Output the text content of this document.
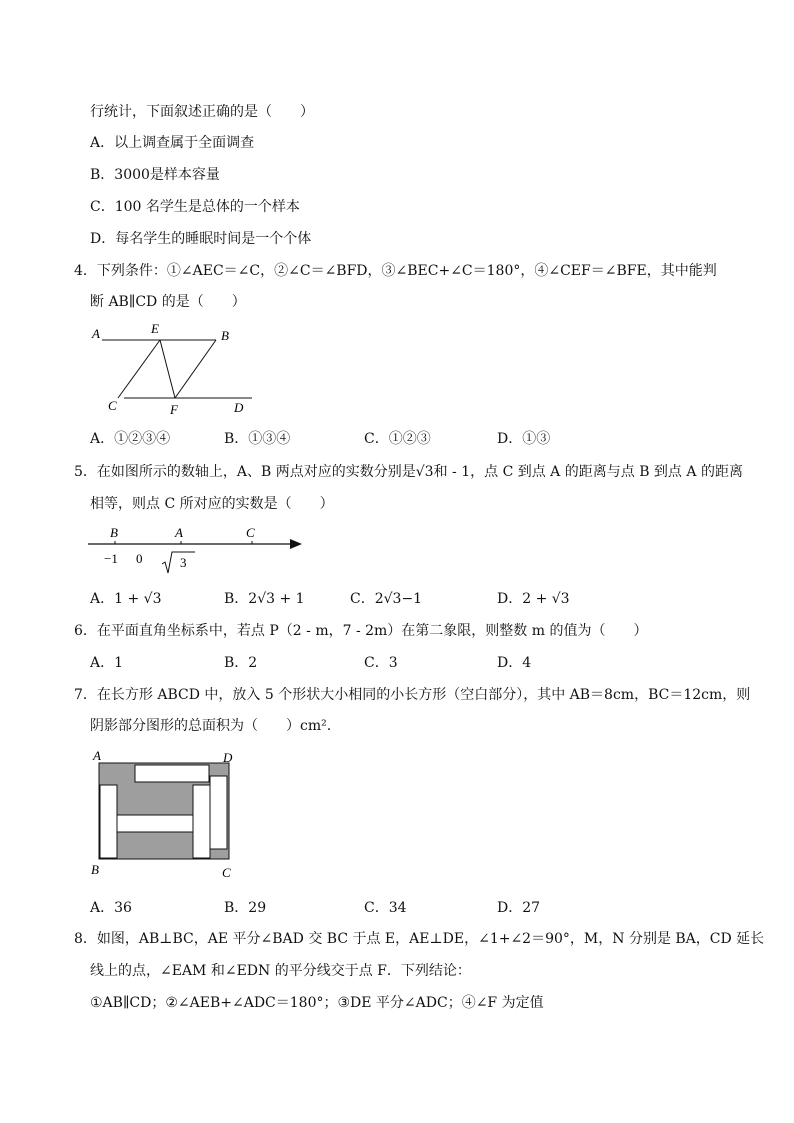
行统计，下面叙述正确的是（　　）
A．以上调查属于全面调查
B．3000是样本容量
C．100 名学生是总体的一个样本
D．每名学生的睡眠时间是一个个体
4．下列条件：①∠AEC＝∠C，②∠C＝∠BFD，③∠BEC+∠C＝180°，④∠CEF＝∠BFE，其中能判
断 AB∥CD 的是（　　）
A	E	B
C	F	D
A．①②③④	B．①③④	C．①②③	D．①③
5．在如图所示的数轴上，A、B 两点对应的实数分别是√3和 - 1，点 C 到点 A 的距离与点 B 到点 A 的距离
相等，则点 C 所对应的实数是（　　）
B	A	C
−1 0	3
A．1 + √3	B．2√3 + 1	C．2√3−1	D．2 + √3
6．在平面直角坐标系中，若点 P（2 - m，7 - 2m）在第二象限，则整数 m 的值为（　　）
A．1	B．2	C．3	D．4
7．在长方形 ABCD 中，放入 5 个形状大小相同的小长方形（空白部分），其中 AB＝8cm，BC＝12cm，则
阴影部分图形的总面积为（　　）cm².
A	D
B	C
A．36	B．29	C．34	D．27
8．如图，AB⊥BC，AE 平分∠BAD 交 BC 于点 E，AE⊥DE，∠1+∠2＝90°，M，N 分别是 BA，CD 延长
线上的点，∠EAM 和∠EDN 的平分线交于点 F．下列结论：
①AB∥CD；②∠AEB+∠ADC＝180°；③DE 平分∠ADC；④∠F 为定值
